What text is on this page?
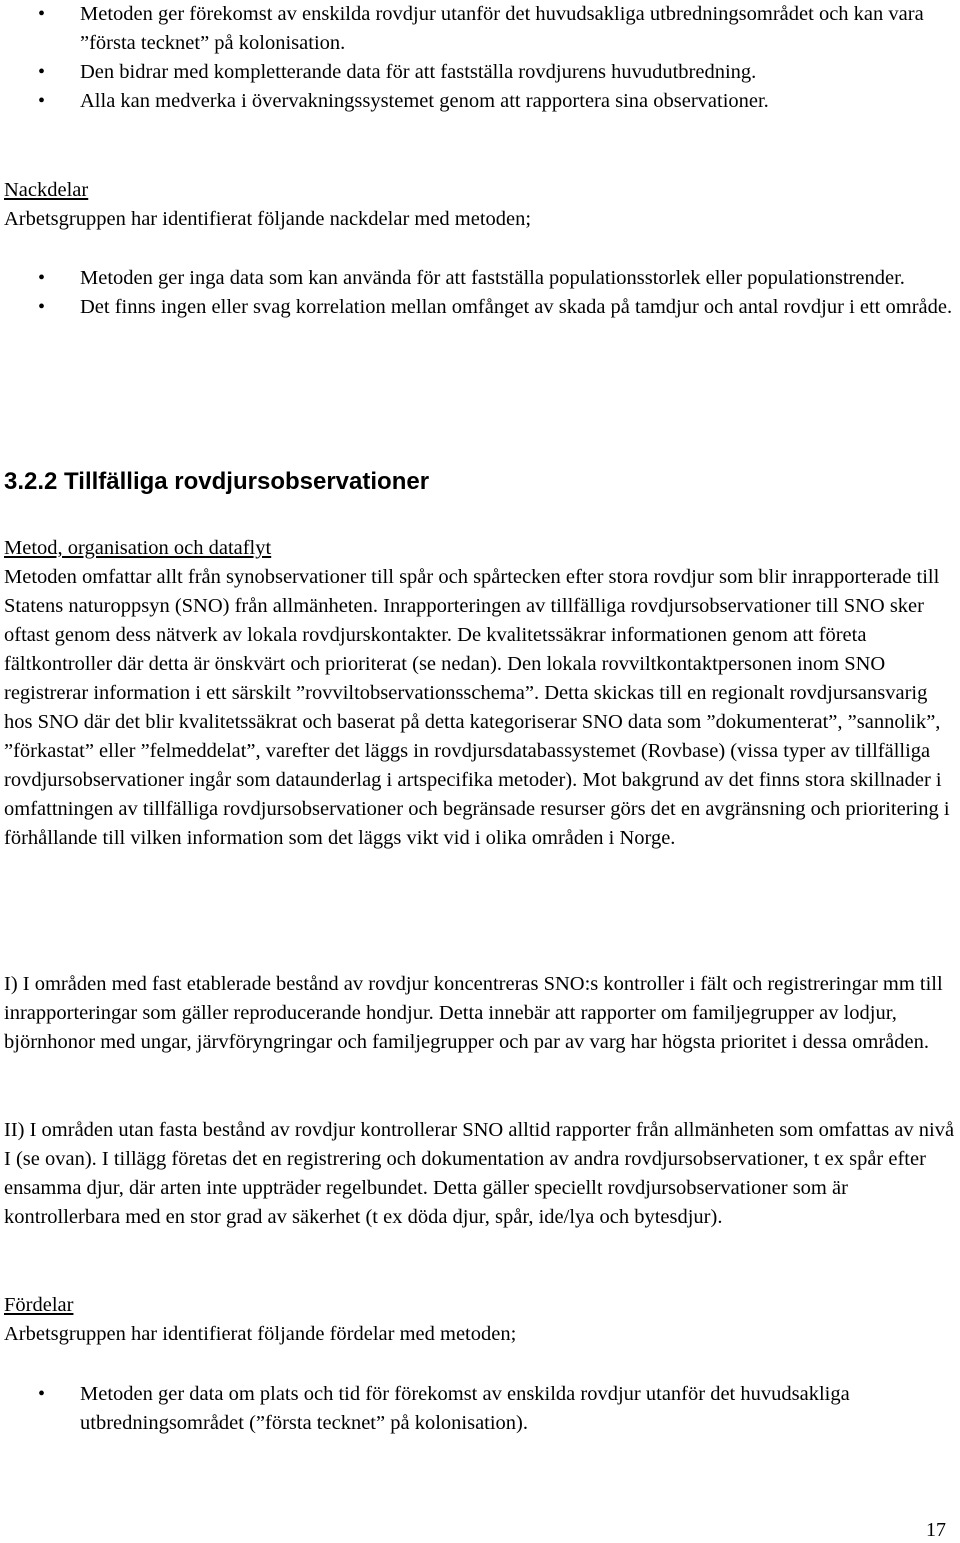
• Metoden ger förekomst av enskilda rovdjur utanför det huvudsakliga utbredningsområdet och kan vara ”första tecknet” på kolonisation.
• Den bidrar med kompletterande data för att fastställa rovdjurens huvudutbredning.
• Alla kan medverka i övervakningssystemet genom att rapportera sina observationer.
Nackdelar
Arbetsgruppen har identifierat följande nackdelar med metoden;
• Metoden ger inga data som kan använda för att fastställa populationsstorlek eller populationstrender.
• Det finns ingen eller svag korrelation mellan omfånget av skada på tamdjur och antal rovdjur i ett område.
3.2.2 Tillfälliga rovdjursobservationer
Metod, organisation och dataflyt
Metoden omfattar allt från synobservationer till spår och spårtecken efter stora rovdjur som blir inrapporterade till Statens naturoppsyn (SNO) från allmänheten. Inrapporteringen av tillfälliga rovdjursobservationer till SNO sker oftast genom dess nätverk av lokala rovdjurskontakter. De kvalitetssäkrar informationen genom att företa fältkontroller där detta är önskvärt och prioriterat (se nedan). Den lokala rovviltkontaktpersonen inom SNO registrerar information i ett särskilt ”rovviltobservationsschema”. Detta skickas till en regionalt rovdjursansvarig hos SNO där det blir kvalitetssäkrat och baserat på detta kategoriserar SNO data som ”dokumenterat”, ”sannolik”, ”förkastat” eller ”felmeddelat”, varefter det läggs in rovdjursdatabassystemet (Rovbase) (vissa typer av tillfälliga rovdjursobservationer ingår som dataunderlag i artspecifika metoder). Mot bakgrund av det finns stora skillnader i omfattningen av tillfälliga rovdjursobservationer och begränsade resurser görs det en avgränsning och prioritering i förhållande till vilken information som det läggs vikt vid i olika områden i Norge.
I) I områden med fast etablerade bestånd av rovdjur koncentreras SNO:s kontroller i fält och registreringar mm till inrapporteringar som gäller reproducerande hondjur. Detta innebär att rapporter om familjegrupper av lodjur, björnhonor med ungar, järvföryngringar och familjegrupper och par av varg har högsta prioritet i dessa områden.
II) I områden utan fasta bestånd av rovdjur kontrollerar SNO alltid rapporter från allmänheten som omfattas av nivå I (se ovan). I tillägg företas det en registrering och dokumentation av andra rovdjursobservationer, t ex spår efter ensamma djur, där arten inte uppträder regelbundet. Detta gäller speciellt rovdjursobservationer som är kontrollerbara med en stor grad av säkerhet (t ex döda djur, spår, ide/lya och bytesdjur).
Fördelar
Arbetsgruppen har identifierat följande fördelar med metoden;
• Metoden ger data om plats och tid för förekomst av enskilda rovdjur utanför det huvudsakliga utbredningsområdet (”första tecknet” på kolonisation).
17
